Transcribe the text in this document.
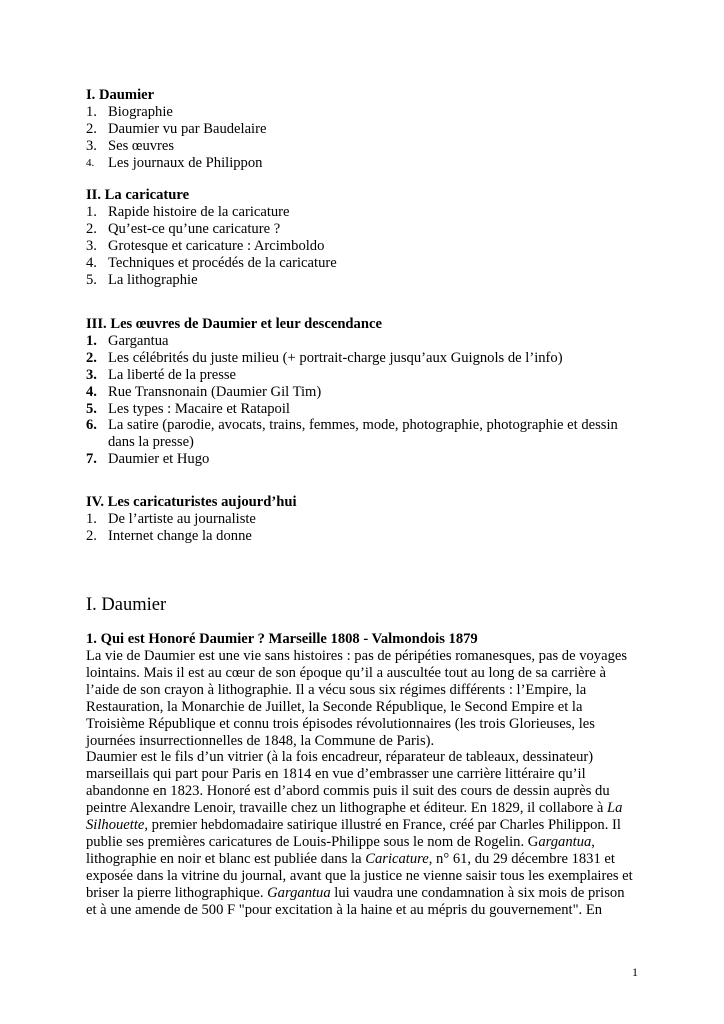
I. Daumier
1. Biographie
2. Daumier vu par Baudelaire
3. Ses œuvres
4. Les journaux de Philippon
II. La caricature
1. Rapide histoire de la caricature
2. Qu’est-ce qu’une caricature ?
3. Grotesque et caricature : Arcimboldo
4. Techniques et procédés de la caricature
5. La lithographie
III. Les œuvres de Daumier et leur descendance
1. Gargantua
2. Les célébrités du juste milieu (+ portrait-charge jusqu’aux Guignols de l’info)
3. La liberté de la presse
4. Rue Transnonain (Daumier Gil Tim)
5. Les types : Macaire et Ratapoil
6. La satire (parodie, avocats, trains, femmes, mode, photographie, photographie et dessin dans la presse)
7. Daumier et Hugo
IV. Les caricaturistes aujourd’hui
1. De l’artiste au journaliste
2. Internet change la donne
I. Daumier
1. Qui est Honoré Daumier ? Marseille 1808 - Valmondois 1879
La vie de Daumier est une vie sans histoires : pas de péripéties romanesques, pas de voyages
lointains. Mais il est au cœur de son époque qu’il a auscultée tout au long de sa carrière à
l’aide de son crayon à lithographie. Il a vécu sous six régimes différents : l’Empire, la
Restauration, la Monarchie de Juillet, la Seconde République, le Second Empire et la
Troisième République et connu trois épisodes révolutionnaires (les trois Glorieuses, les
journées insurrectionnelles de 1848, la Commune de Paris).
Daumier est le fils d’un vitrier (à la fois encadreur, réparateur de tableaux, dessinateur)
marseillais qui part pour Paris en 1814 en vue d’embrasser une carrière littéraire qu’il
abandonne en 1823. Honoré est d’abord commis puis il suit des cours de dessin auprès du
peintre Alexandre Lenoir, travaille chez un lithographe et éditeur. En 1829, il collabore à La
Silhouette, premier hebdomadaire satirique illustré en France, créé par Charles Philippon. Il
publie ses premières caricatures de Louis-Philippe sous le nom de Rogelin. Gargantua,
lithographie en noir et blanc est publiée dans la Caricature, n° 61, du 29 décembre 1831 et
exposée dans la vitrine du journal, avant que la justice ne vienne saisir tous les exemplaires et
briser la pierre lithographique. Gargantua lui vaudra une condamnation à six mois de prison
et à une amende de 500 F "pour excitation à la haine et au mépris du gouvernement". En
1
